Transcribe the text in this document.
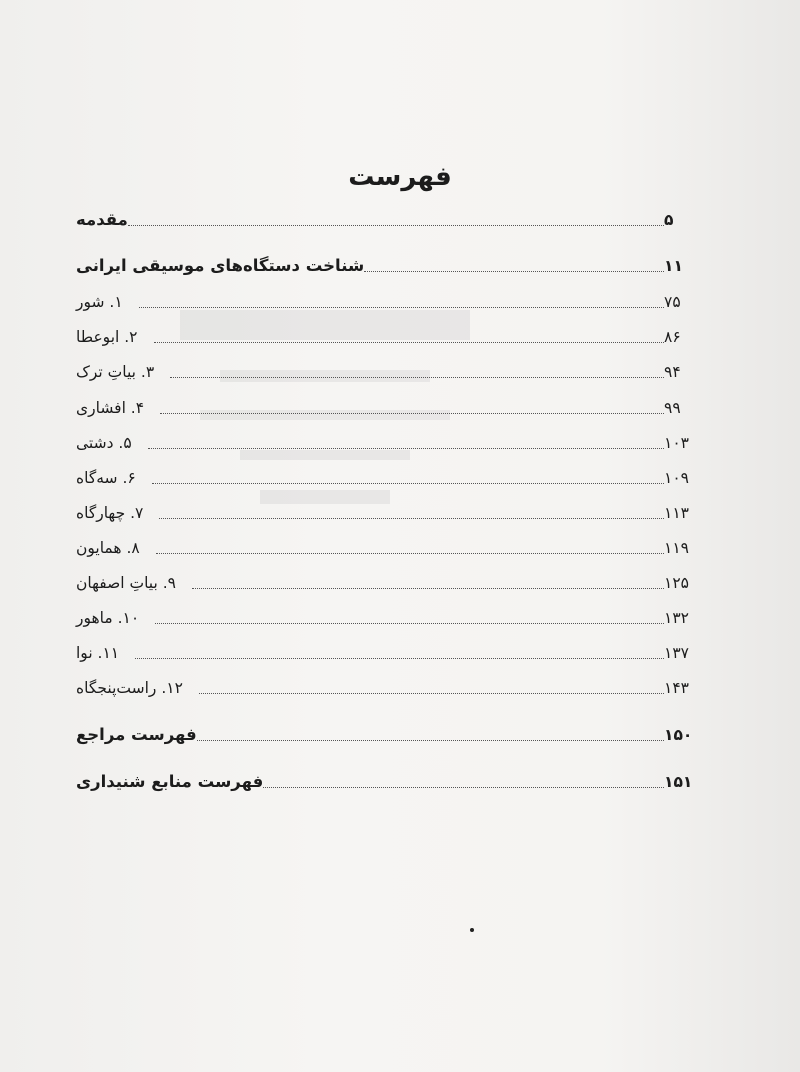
فهرست
مقدمه	۵
شناخت دستگاه‌های موسیقی ایرانی	۱۱
۱. شور	۷۵
۲. ابوعطا	۸۶
۳. بیاتِ ترک	۹۴
۴. افشاری	۹۹
۵. دشتی	۱۰۳
۶. سه‌گاه	۱۰۹
۷. چهارگاه	۱۱۳
۸. همایون	۱۱۹
۹. بیاتِ اصفهان	۱۲۵
۱۰. ماهور	۱۳۲
۱۱. نوا	۱۳۷
۱۲. راست‌پنجگاه	۱۴۳
فهرست مراجع	۱۵۰
فهرست منابع شنیداری	۱۵۱
